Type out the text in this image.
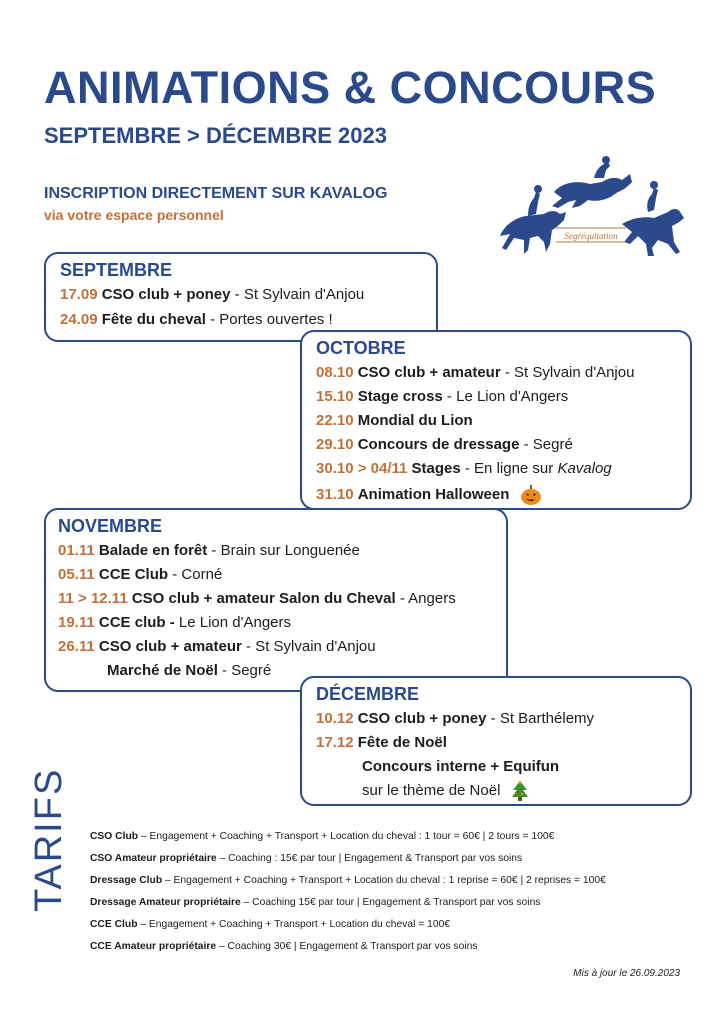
ANIMATIONS & CONCOURS
SEPTEMBRE > DÉCEMBRE 2023
INSCRIPTION DIRECTEMENT SUR KAVALOG
via votre espace personnel
Segréquitation
SEPTEMBRE
17.09 CSO club + poney - St Sylvain d'Anjou
24.09 Fête du cheval - Portes ouvertes !
OCTOBRE
08.10 CSO club + amateur - St Sylvain d'Anjou
15.10 Stage cross - Le Lion d'Angers
22.10 Mondial du Lion
29.10 Concours de dressage - Segré
30.10 > 04/11 Stages - En ligne sur Kavalog
31.10 Animation Halloween
NOVEMBRE
01.11 Balade en forêt - Brain sur Longuenée
05.11 CCE Club - Corné
11 > 12.11 CSO club + amateur Salon du Cheval - Angers
19.11 CCE club - Le Lion d'Angers
26.11 CSO club + amateur - St Sylvain d'Anjou
Marché de Noël - Segré
DÉCEMBRE
10.12 CSO club + poney - St Barthélemy
17.12 Fête de Noël
Concours interne + Equifun
sur le thème de Noël
TARIFS CSO Club – Engagement + Coaching + Transport + Location du cheval : 1 tour = 60€ | 2 tours = 100€
CSO Amateur propriétaire – Coaching : 15€ par tour | Engagement & Transport par vos soins
Dressage Club – Engagement + Coaching + Transport + Location du cheval : 1 reprise = 60€ | 2 reprises = 100€
Dressage Amateur propriétaire – Coaching 15€ par tour | Engagement & Transport par vos soins
CCE Club – Engagement + Coaching + Transport + Location du cheval = 100€
CCE Amateur propriétaire – Coaching 30€ | Engagement & Transport par vos soins
Mis à jour le 26.09.2023
